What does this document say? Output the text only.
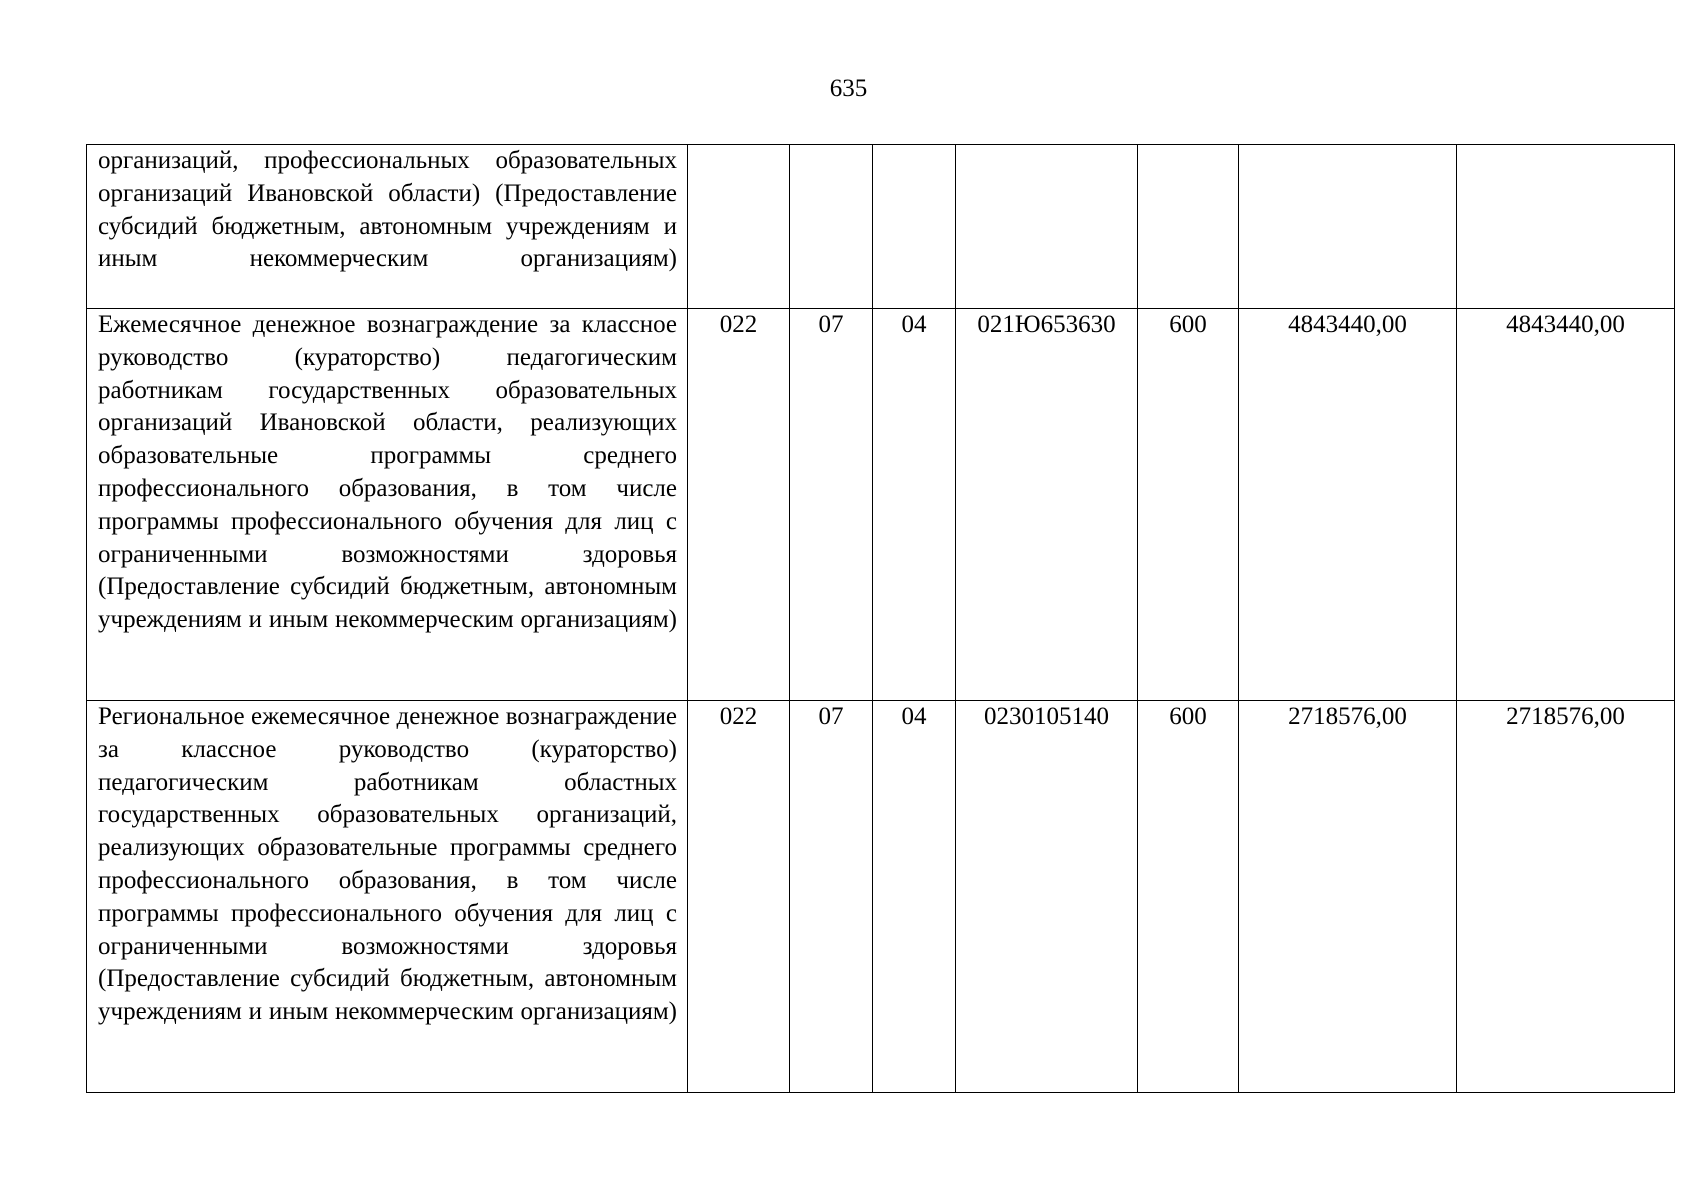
635
организаций, профессиональных образовательных организаций Ивановской области) (Предоставление субсидий бюджетным, автономным учреждениям и иным некоммерческим организациям)							

Ежемесячное денежное вознаграждение за классное руководство (кураторство) педагогическим работникам государственных образовательных организаций Ивановской области, реализующих образовательные программы среднего профессионального образования, в том числе программы профессионального обучения для лиц с ограниченными возможностями здоровья (Предоставление субсидий бюджетным, автономным учреждениям и иным некоммерческим организациям)	022	07	04	021Ю653630	600	4843440,00	4843440,00

Региональное ежемесячное денежное вознаграждение за классное руководство (кураторство) педагогическим работникам областных государственных образовательных организаций, реализующих образовательные программы среднего профессионального образования, в том числе программы профессионального обучения для лиц с ограниченными возможностями здоровья (Предоставление субсидий бюджетным, автономным учреждениям и иным некоммерческим организациям)	022	07	04	0230105140	600	2718576,00	2718576,00
